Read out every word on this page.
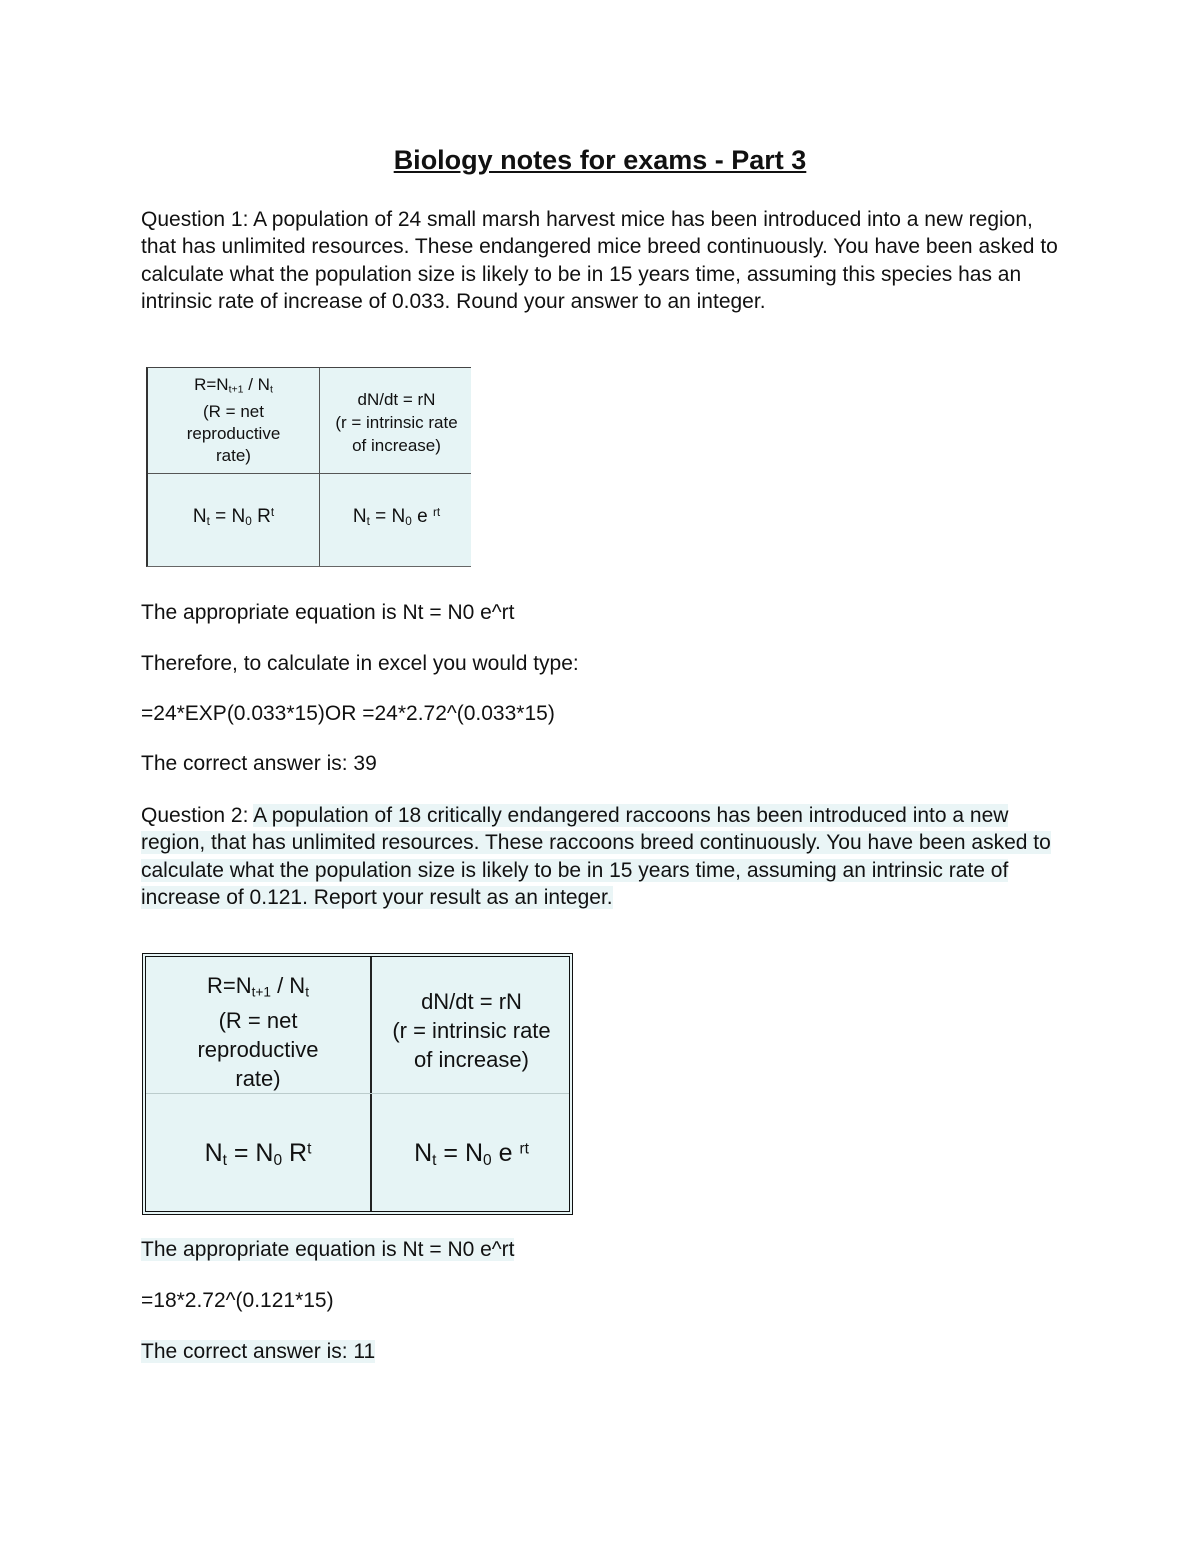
Biology notes for exams - Part 3
Question 1: A population of 24 small marsh harvest mice has been introduced into a new region, that has unlimited resources. These endangered mice breed continuously. You have been asked to calculate what the population size is likely to be in 15 years time, assuming this species has an intrinsic rate of increase of 0.033. Round your answer to an integer.
$R=N_{t+1} / N_t$
(R = net
reproductive
rate)
dN/dt = rN
(r = intrinsic rate
of increase)
$N_t = N_0$ $R^t$	$N_t = N_0$ e $^{rt}$
The appropriate equation is Nt = N0 e^rt
Therefore, to calculate in excel you would type:
=24*EXP(0.033*15)OR =24*2.72^(0.033*15)
The correct answer is: 39
Question 2: A population of 18 critically endangered raccoons has been introduced into a new region, that has unlimited resources. These raccoons breed continuously. You have been asked to calculate what the population size is likely to be in 15 years time, assuming an intrinsic rate of increase of 0.121. Report your result as an integer.
$R=N_{t+1} / N_t$
(R = net
reproductive
rate)
dN/dt = rN
(r = intrinsic rate
of increase)
$N_t = N_0$ $R^t$	$N_t = N_0$ e $^{rt}$
The appropriate equation is Nt = N0 e^rt
=18*2.72^(0.121*15)
The correct answer is: 11
